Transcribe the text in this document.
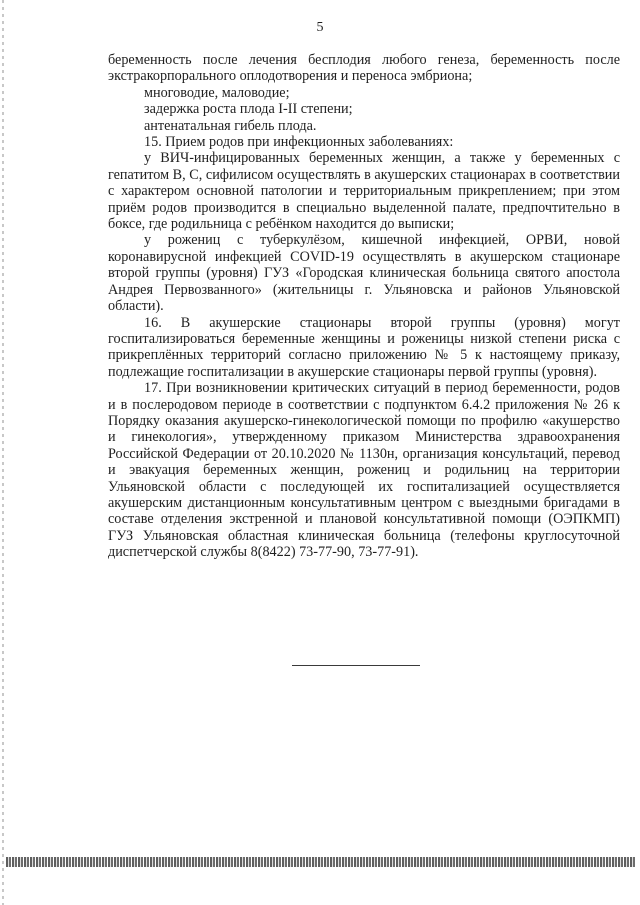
5

беременность после лечения бесплодия любого генеза, беременность после экстракорпорального оплодотворения и переноса эмбриона;

многоводие, маловодие;

задержка роста плода I-II степени;

антенатальная гибель плода.

15. Прием родов при инфекционных заболеваниях:

у ВИЧ-инфицированных беременных женщин, а также у беременных с гепатитом В, С, сифилисом осуществлять в акушерских стационарах в соответствии с характером основной патологии и территориальным прикреплением; при этом приём родов производится в специально выделенной палате, предпочтительно в боксе, где родильница с ребёнком находится до выписки;

у рожениц с туберкулёзом, кишечной инфекцией, ОРВИ, новой коронавирусной инфекцией COVID-19 осуществлять в акушерском стационаре второй группы (уровня) ГУЗ «Городская клиническая больница святого апостола Андрея Первозванного» (жительницы г. Ульяновска и районов Ульяновской области).

16. В акушерские стационары второй группы (уровня) могут госпитализироваться беременные женщины и роженицы низкой степени риска с прикреплённых территорий согласно приложению № 5 к настоящему приказу, подлежащие госпитализации в акушерские стационары первой группы (уровня).

17. При возникновении критических ситуаций в период беременности, родов и в послеродовом периоде в соответствии с подпунктом 6.4.2 приложения № 26 к Порядку оказания акушерско-гинекологической помощи по профилю «акушерство и гинекология», утвержденному приказом Министерства здравоохранения Российской Федерации от 20.10.2020 № 1130н, организация консультаций, перевод и эвакуация беременных женщин, рожениц и родильниц на территории Ульяновской области с последующей их госпитализацией осуществляется акушерским дистанционным консультативным центром с выездными бригадами в составе отделения экстренной и плановой консультативной помощи (ОЭПКМП) ГУЗ Ульяновская областная клиническая больница (телефоны круглосуточной диспетчерской службы 8(8422) 73-77-90, 73-77-91).
